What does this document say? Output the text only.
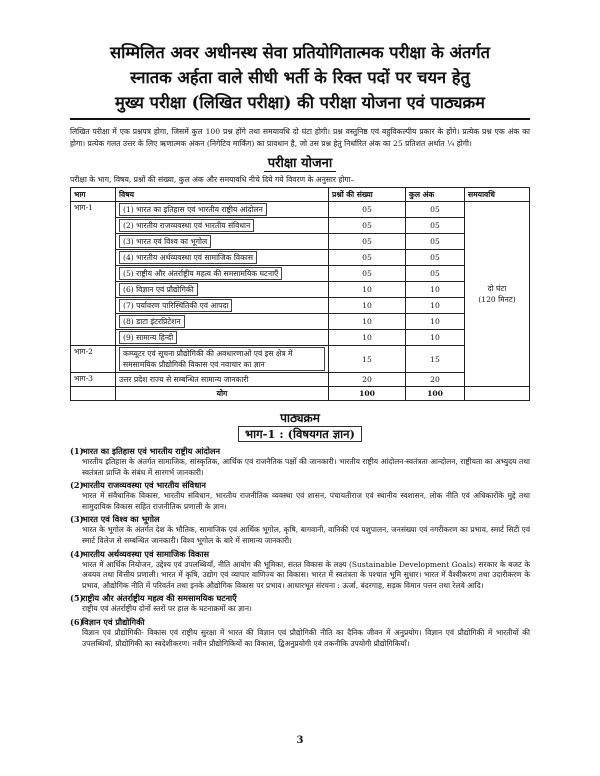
सम्मिलित अवर अधीनस्थ सेवा प्रतियोगितात्मक परीक्षा के अंतर्गत
स्नातक अर्हता वाले सीधी भर्ती के रिक्त पदों पर चयन हेतु
मुख्य परीक्षा (लिखित परीक्षा) की परीक्षा योजना एवं पाठ्यक्रम

लिखित परीक्षा में एक प्रश्नपत्र होगा, जिसमें कुल 100 प्रश्न होंगे तथा समयावधि दो घंटा होगी। प्रश्न वस्तुनिष्ठ एवं बहुविकल्पीय प्रकार के होंगे। प्रत्येक प्रश्न एक अंक का होगा। प्रत्येक गलत उत्तर के लिए ऋणात्मक अंकन (निगेटिव मार्किंग) का प्रावधान है, जो उस प्रश्न हेतु निर्धारित अंक का 25 प्रतिशत अर्थात ¼ होगी।

परीक्षा योजना

परीक्षा के भाग, विषय, प्रश्नों की संख्या, कुल अंक और समयावधि नीचे दिये गये विवरण के अनुसार होगा–

भाग	विषय	प्रश्नों की संख्या	कुल अंक	समयावधि
भाग-1	(1) भारत का इतिहास एवं भारतीय राष्ट्रीय आंदोलन	05	05	दो घंटा
(120 मिनट)

	(2) भारतीय राजव्यवस्था एवं भारतीय संविधान	05	05	
	(3) भारत एवं विश्व का भूगोल	05	05	
	(4) भारतीय अर्थव्यवस्था एवं सामाजिक विकास	05	05	
	(5) राष्ट्रीय और अंतर्राष्ट्रीय महत्व की समसामयिक घटनाएँ	05	05	
	(6) विज्ञान एवं प्रौद्योगिकी	10	10	
	(7) पर्यावरण पारिस्थितिकी एवं आपदा	10	10	
	(8) डाटा इंटरप्रिटेशन	10	10	
	(9) सामान्य हिन्दी	10	10	
भाग-2	कम्प्यूटर एवं सूचना प्रौद्योगिकी की अवधारणाओं एवं इस क्षेत्र में समसामयिक प्रौद्योगिकी विकास एवं नवाचार का ज्ञान	15	15	
भाग-3	उत्तर प्रदेश राज्य से सम्बन्धित सामान्य जानकारी	20	20	
	योग	100	100	
पाठ्यक्रम
भाग-1 : (विषयगत ज्ञान)
(1)भारत का इतिहास एवं भारतीय राष्ट्रीय आंदोलन

भारतीय इतिहास के अंतर्गत सामाजिक, सांस्कृतिक, आर्थिक एवं राजनैतिक पक्षों की जानकारी। भारतीय राष्ट्रीय आंदोलन-स्वतंत्रता आन्दोलन, राष्ट्रीयता का अभ्युदय तथा स्वतंत्रता प्राप्ति के संबंध में सारगर्भ जानकारी।

(2)भारतीय राजव्यवस्था एवं भारतीय संविधान

भारत में संवैधानिक विकास, भारतीय संविधान, भारतीय राजनीतिक व्यवस्था एवं शासन, पंचायतीराज एवं स्थानीय स्वशासन, लोक नीति एवं अधिकारोंके मुद्दे तथा सामुदायिक विकास सहित राजनीतिक प्रणाली के ज्ञान।

(3)भारत एवं विश्व का भूगोल

भारत के भूगोल के अंतर्गत देश के भौतिक, सामाजिक एवं आर्थिक भूगोल, कृषि, बागवानी, वानिकी एवं पशुपालन, जनसंख्या एवं नगरीकरण का प्रभाव, स्मार्ट सिटी एवं स्मार्ट विलेज से सम्बन्धित जानकारी। विश्व भूगोल के बारे में सामान्य जानकारी।

(4)भारतीय अर्थव्यवस्था एवं सामाजिक विकास

भारत में आर्थिक नियोजन, उद्देश्य एवं उपलब्धियाँ, नीति आयोग की भूमिका, सतत विकास के लक्ष्य (Sustainable Development Goals) सरकार के बजट के अवयव तथा वित्तीय प्रणाली। भारत में कृषि, उद्योग एवं व्यापार वाणिज्य का विकास। भारत में स्वतंत्रता के पश्चात भूमि सुधार। भारत में वैश्वीकरण तथा उदारीकरण के प्रभाव, औद्योगिक नीति में परिवर्तन तथा इनके औद्योगिक विकास पर प्रभाव। आधारभूत संरचना : ऊर्जा, बंदरगाह, सड़क विमान पत्तन तथा रेलवे आदि।

(5)राष्ट्रीय और अंतर्राष्ट्रीय महत्व की समसामयिक घटनाएँ

राष्ट्रीय एवं अंतर्राष्ट्रीय दोनों स्तरों पर हाल के घटनाक्रमों का ज्ञान।

(6)विज्ञान एवं प्रौद्योगिकी

विज्ञान एवं प्रौद्योगिकी- विकास एवं राष्ट्रीय सुरक्षा में भारत की विज्ञान एवं प्रौद्योगिकी नीति का दैनिक जीवन में अनुप्रयोग। विज्ञान एवं प्रौद्योगिकी में भारतीयों की उपलब्धियाँ, प्रौद्योगिकी का स्वदेशीकरण। नवीन प्रौद्योगिकियों का विकास, द्विअनुप्रयोगी एवं तकनीकि उपयोगी प्रौद्योगिकियाँ।

3
